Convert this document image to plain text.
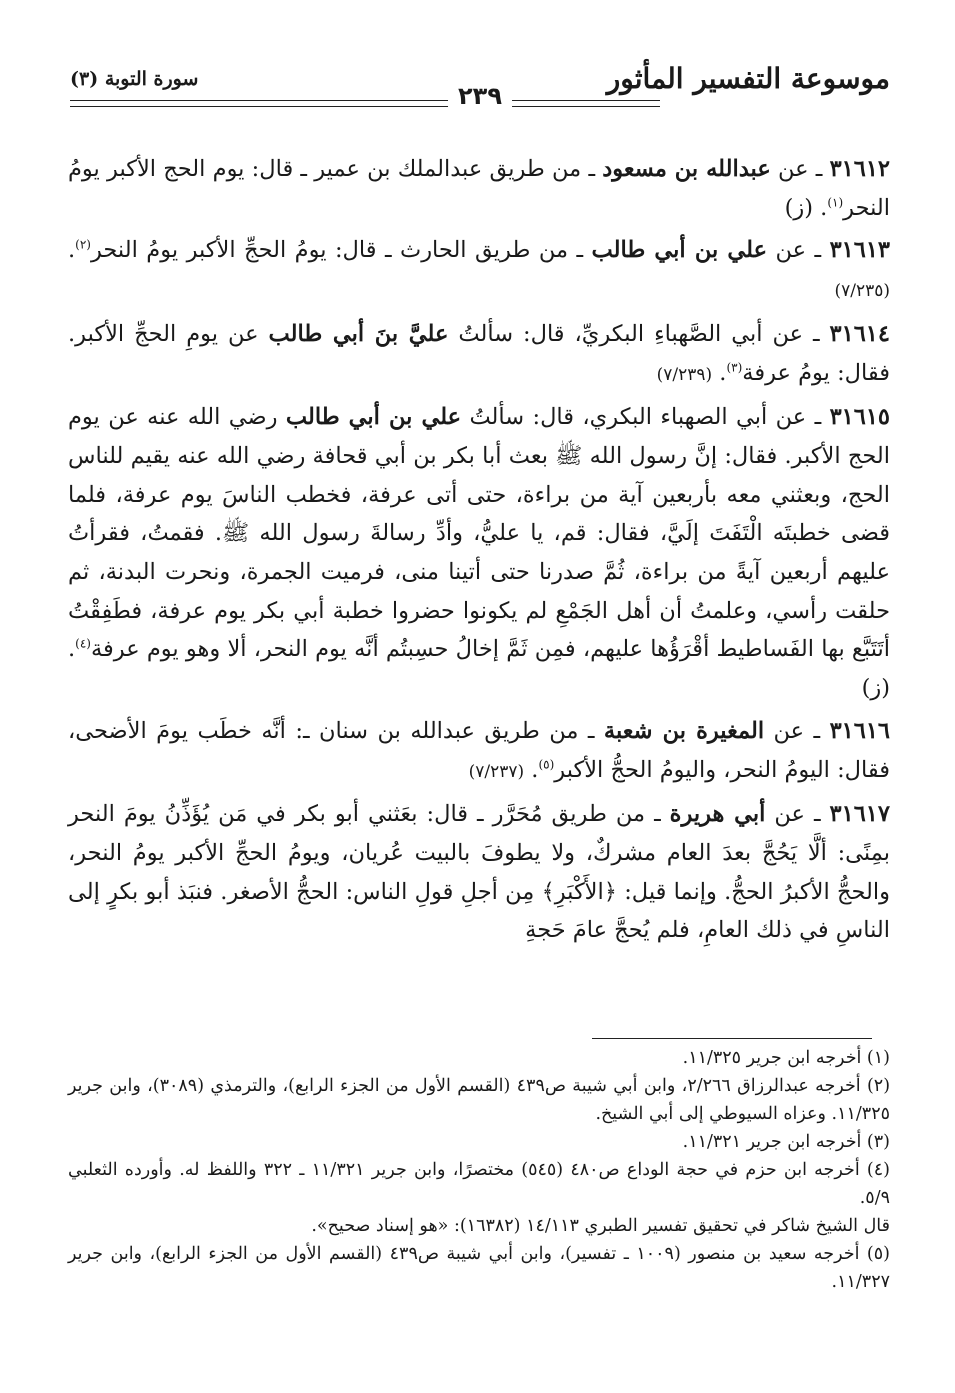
موسوعة التفسير المأثور
٢٣٩
سورة التوبة (٣)

٣١٦١٢ ـ عن عبدالله بن مسعود ـ من طريق عبدالملك بن عمير ـ قال: يوم الحج الأكبر يومُ النحر$^{(١)}$. (ز)

٣١٦١٣ ـ عن علي بن أبي طالب ـ من طريق الحارث ـ قال: يومُ الحجِّ الأكبر يومُ النحر$^{(٢)}$. (٧/٢٣٥)

٣١٦١٤ ـ عن أبي الصَّهباءِ البكريِّ، قال: سألتُ عليَّ بنَ أبي طالب عن يومِ الحجِّ الأكبر. فقال: يومُ عرفة$^{(٣)}$. (٧/٢٣٩)

٣١٦١٥ ـ عن أبي الصهباء البكري، قال: سألتُ علي بن أبي طالب رضي الله عنه عن يوم الحج الأكبر. فقال: إنَّ رسول الله ﷺ بعث أبا بكر بن أبي قحافة رضي الله عنه يقيم للناس الحج، وبعثني معه بأربعين آية من براءة، حتى أتى عرفة، فخطب الناسَ يوم عرفة، فلما قضى خطبتَه الْتَفَتَ إلَيَّ، فقال: قم، يا عليُّ، وأدِّ رسالةَ رسول الله ﷺ. فقمتُ، فقرأتُ عليهم أربعين آيةً من براءة، ثُمَّ صدرنا حتى أتينا منى، فرميت الجمرة، ونحرت البدنة، ثم حلقت رأسي، وعلمتُ أن أهل الجَمْعِ لم يكونوا حضروا خطبة أبي بكر يوم عرفة، فطَفِقْتُ أتَتَبَّع بها الفَساطيط أقْرَؤُها عليهم، فمِن ثَمَّ إخالُ حسِبتُم أنَّه يوم النحر، ألا وهو يوم عرفة$^{(٤)}$. (ز)

٣١٦١٦ ـ عن المغيرة بن شعبة ـ من طريق عبدالله بن سنان ـ: أنَّه خطَب يومَ الأضحى، فقال: اليومُ النحر، واليومُ الحجُّ الأكبر$^{(٥)}$. (٧/٢٣٧)

٣١٦١٧ ـ عن أبي هريرة ـ من طريق مُحَرَّر ـ قال: بعَثني أبو بكر في مَن يُؤَذِّنُ يومَ النحر بمِنًى: ألَّا يَحُجَّ بعدَ العام مشركٌ، ولا يطوفَ بالبيت عُريان، ويومُ الحجِّ الأكبر يومُ النحر، والحجُّ الأكبرُ الحجُّ. وإنما قيل: ﴿الأَكْبَرِ﴾ مِن أجلِ قولِ الناس: الحجُّ الأصغر. فنبَذ أبو بكرٍ إلى الناسِ في ذلك العامِ، فلم يُحجَّ عامَ حَجةِ

(١) أخرجه ابن جرير ١١/٣٢٥.

(٢) أخرجه عبدالرزاق ٢/٢٦٦، وابن أبي شيبة ص٤٣٩ (القسم الأول من الجزء الرابع)، والترمذي (٣٠٨٩)، وابن جرير ١١/٣٢٥. وعزاه السيوطي إلى أبي الشيخ.

(٣) أخرجه ابن جرير ١١/٣٢١.

(٤) أخرجه ابن حزم في حجة الوداع ص٤٨٠ (٥٤٥) مختصرًا، وابن جرير ١١/٣٢١ ـ ٣٢٢ واللفظ له. وأورده الثعلبي ٥/٩.

قال الشيخ شاكر في تحقيق تفسير الطبري ١٤/١١٣ (١٦٣٨٢): «هو إسناد صحيح».

(٥) أخرجه سعيد بن منصور (١٠٠٩ ـ تفسير)، وابن أبي شيبة ص٤٣٩ (القسم الأول من الجزء الرابع)، وابن جرير ١١/٣٢٧.
